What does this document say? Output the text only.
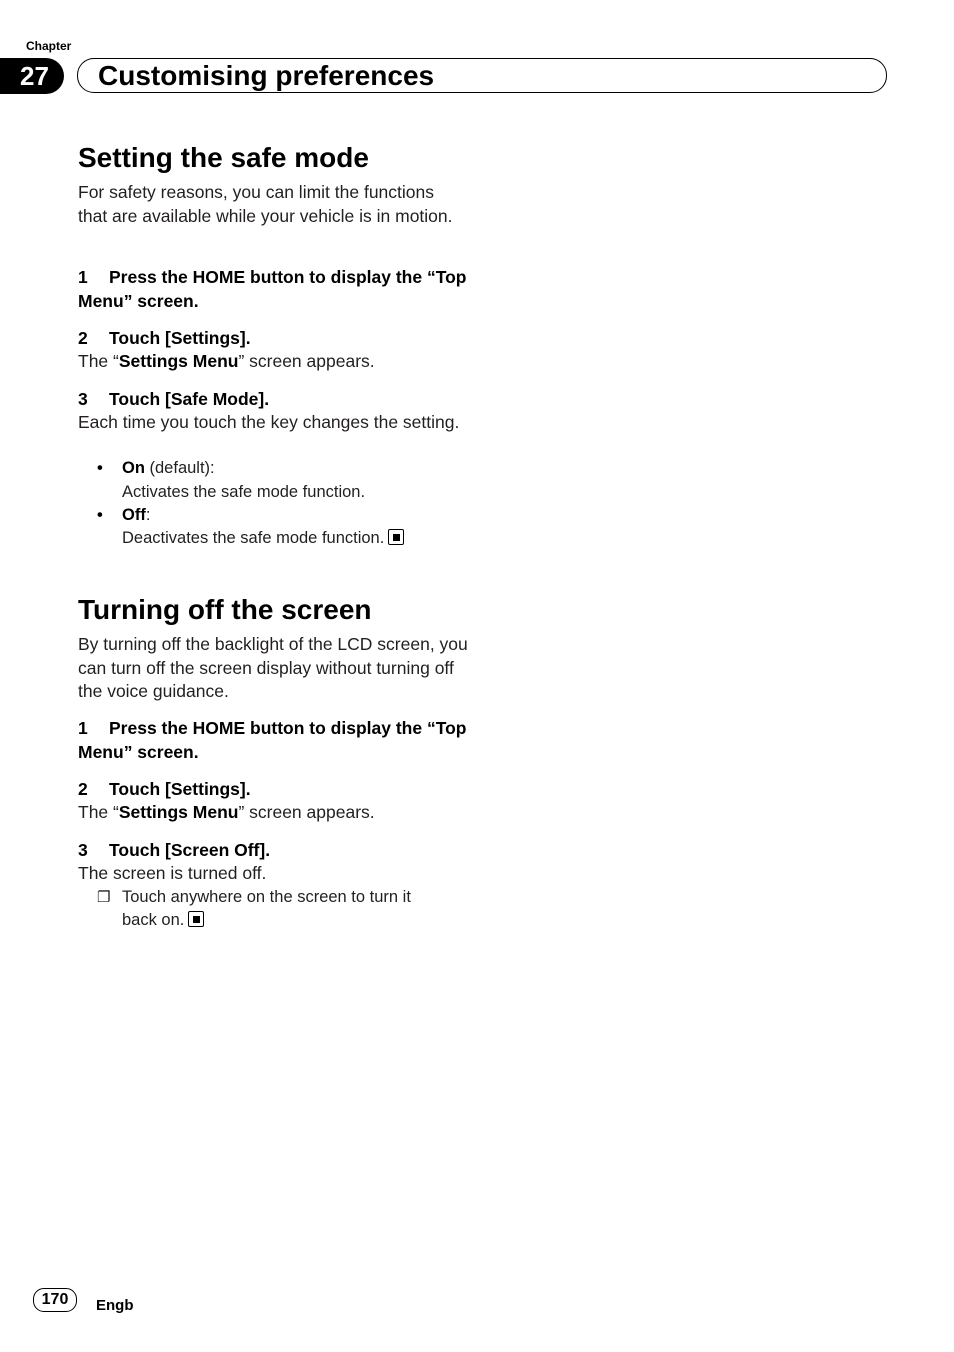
Chapter
27 Customising preferences
Setting the safe mode

For safety reasons, you can limit the functions that are available while your vehicle is in motion.

1 Press the HOME button to display the “Top Menu” screen.

2 Touch [Settings].

The “Settings Menu” screen appears.

3 Touch [Safe Mode].

Each time you touch the key changes the setting.

• On (default):

Activates the safe mode function.

• Off:

Deactivates the safe mode function.

Turning off the screen

By turning off the backlight of the LCD screen, you can turn off the screen display without turning off the voice guidance.

1 Press the HOME button to display the “Top Menu” screen.

2 Touch [Settings].

The “Settings Menu” screen appears.

3 Touch [Screen Off].

The screen is turned off.

❐ Touch anywhere on the screen to turn it back on.

170	Engb
